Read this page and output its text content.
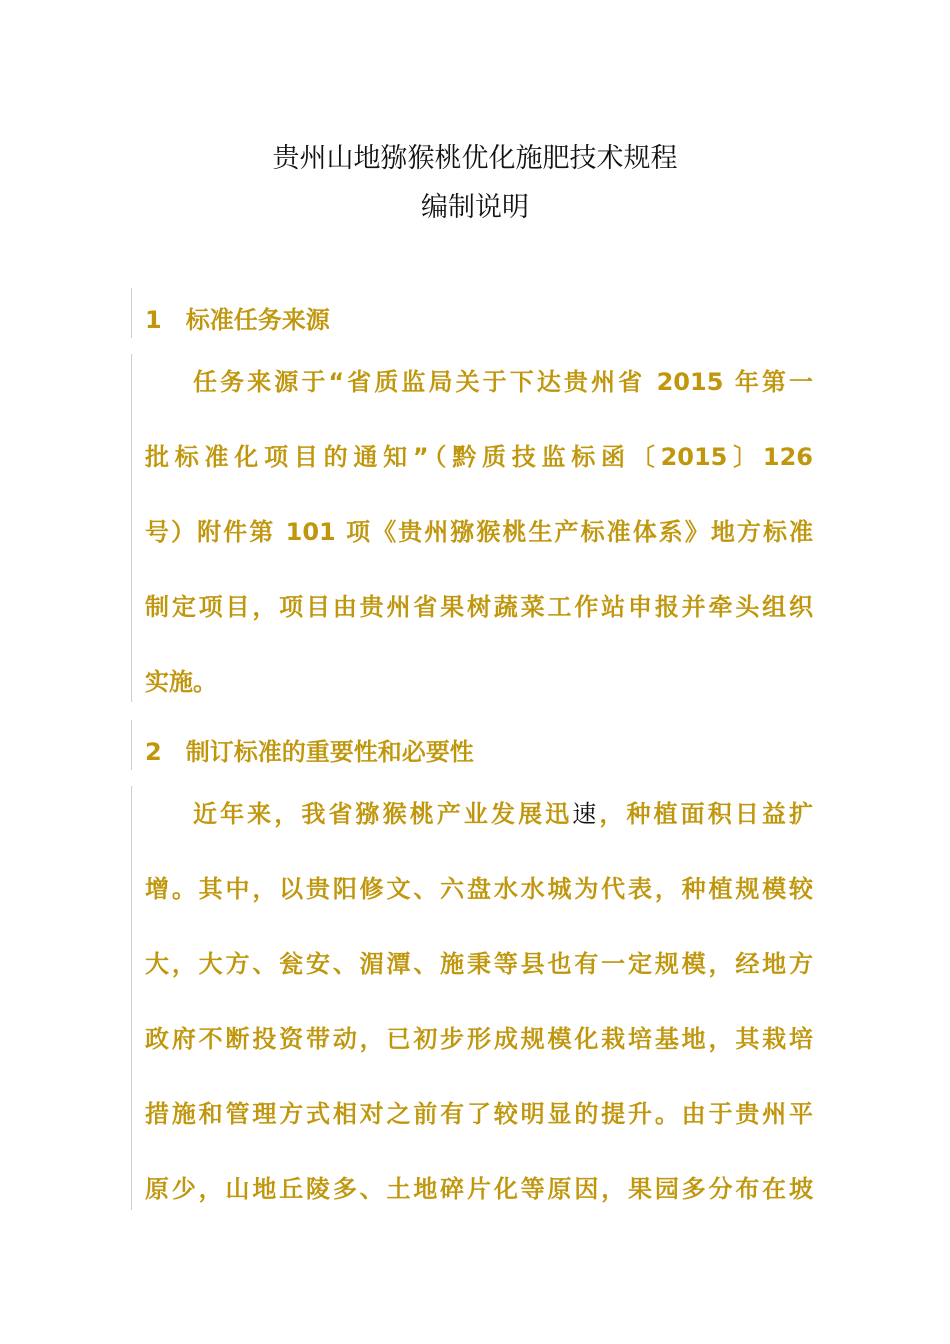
贵州山地猕猴桃优化施肥技术规程
编制说明
1　标准任务来源
任务来源于“省质监局关于下达贵州省 2015 年第一
批标准化项目的通知”（黔质技监标函〔2015〕126
号）附件第 101 项《贵州猕猴桃生产标准体系》地方标准
制定项目，项目由贵州省果树蔬菜工作站申报并牵头组织
实施。
2　制订标准的重要性和必要性
近年来，我省猕猴桃产业发展迅速，种植面积日益扩
增。其中，以贵阳修文、六盘水水城为代表，种植规模较
大，大方、瓮安、湄潭、施秉等县也有一定规模，经地方
政府不断投资带动，已初步形成规模化栽培基地，其栽培
措施和管理方式相对之前有了较明显的提升。由于贵州平
原少，山地丘陵多、土地碎片化等原因，果园多分布在坡
